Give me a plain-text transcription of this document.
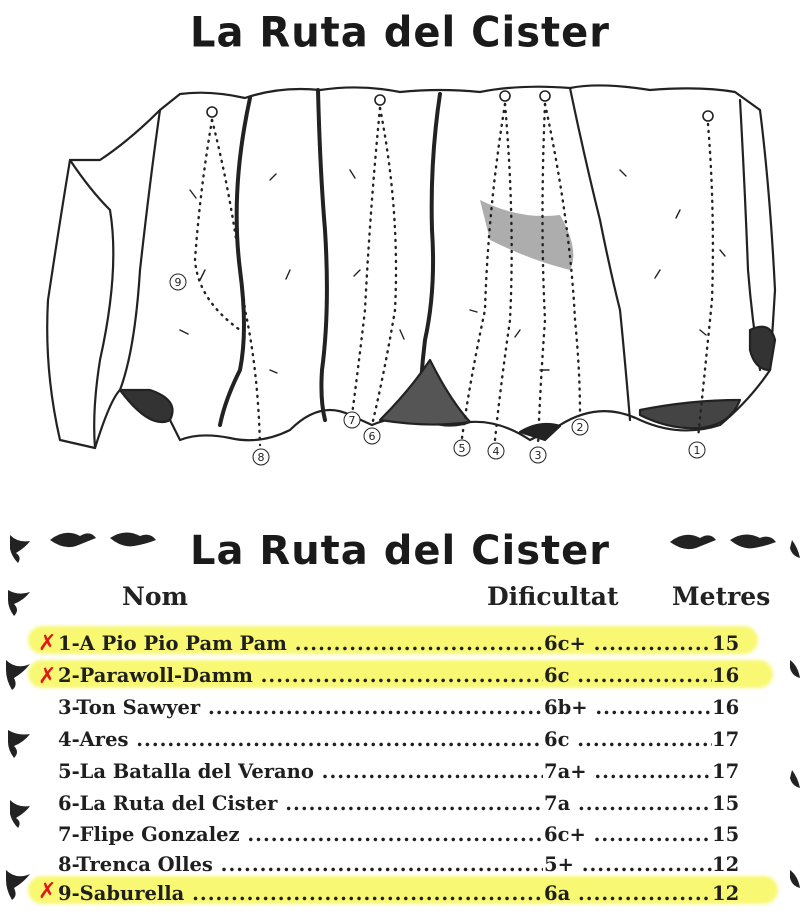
La Ruta del Cister
9
8
7
6
5 4	3
2
1
La Ruta del Cister
Nom	Dificultat Metres
✗
✗
✗
1-A Pio Pio Pam Pam .....	6c+ .....	15
2-Parawoll-Damm .....	6c .....	16
3-Ton Sawyer .....	6b+ .....	16
4-Ares .....	6c .....	17
5-La Batalla del Verano .....	7a+ .....	17
6-La Ruta del Cister .....	7a .....	15
7-Flipe Gonzalez .....	6c+ .....	15
8-Trenca Olles .....	5+ .....	12
9-Saburella .....	6a .....	12
